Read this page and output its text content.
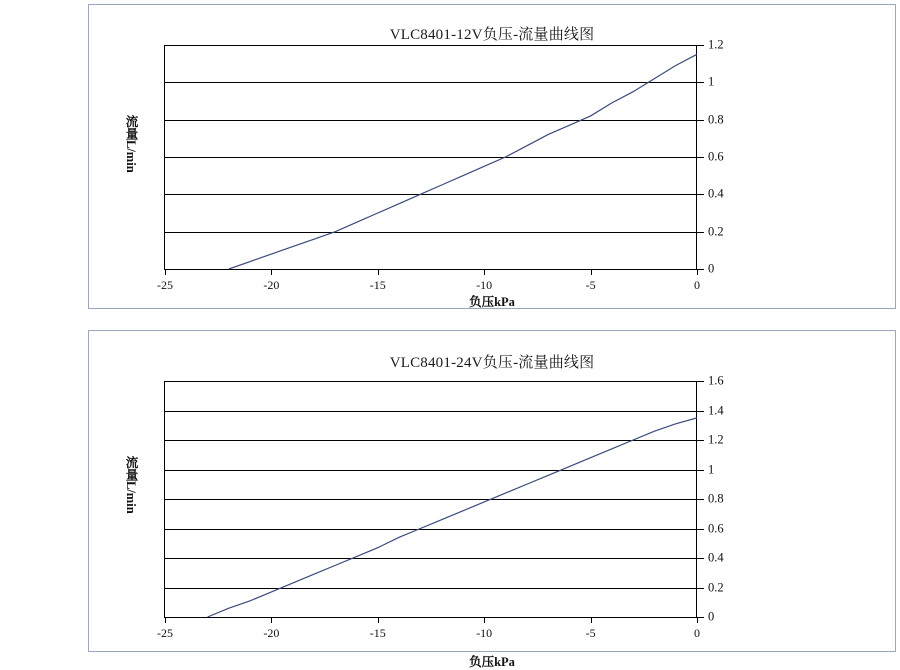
VLC8401-12V负压-流量曲线图
0
0.2
0.4
0.6
0.8
1
1.2
-25	-20	-15	-10	-5	0
负压kPa
流量L/min
VLC8401-24V负压-流量曲线图
0
0.2
0.4
0.6
0.8
1
1.2
1.4
1.6
-25	-20	-15	-10	-5	0
负压kPa
流量L/min
